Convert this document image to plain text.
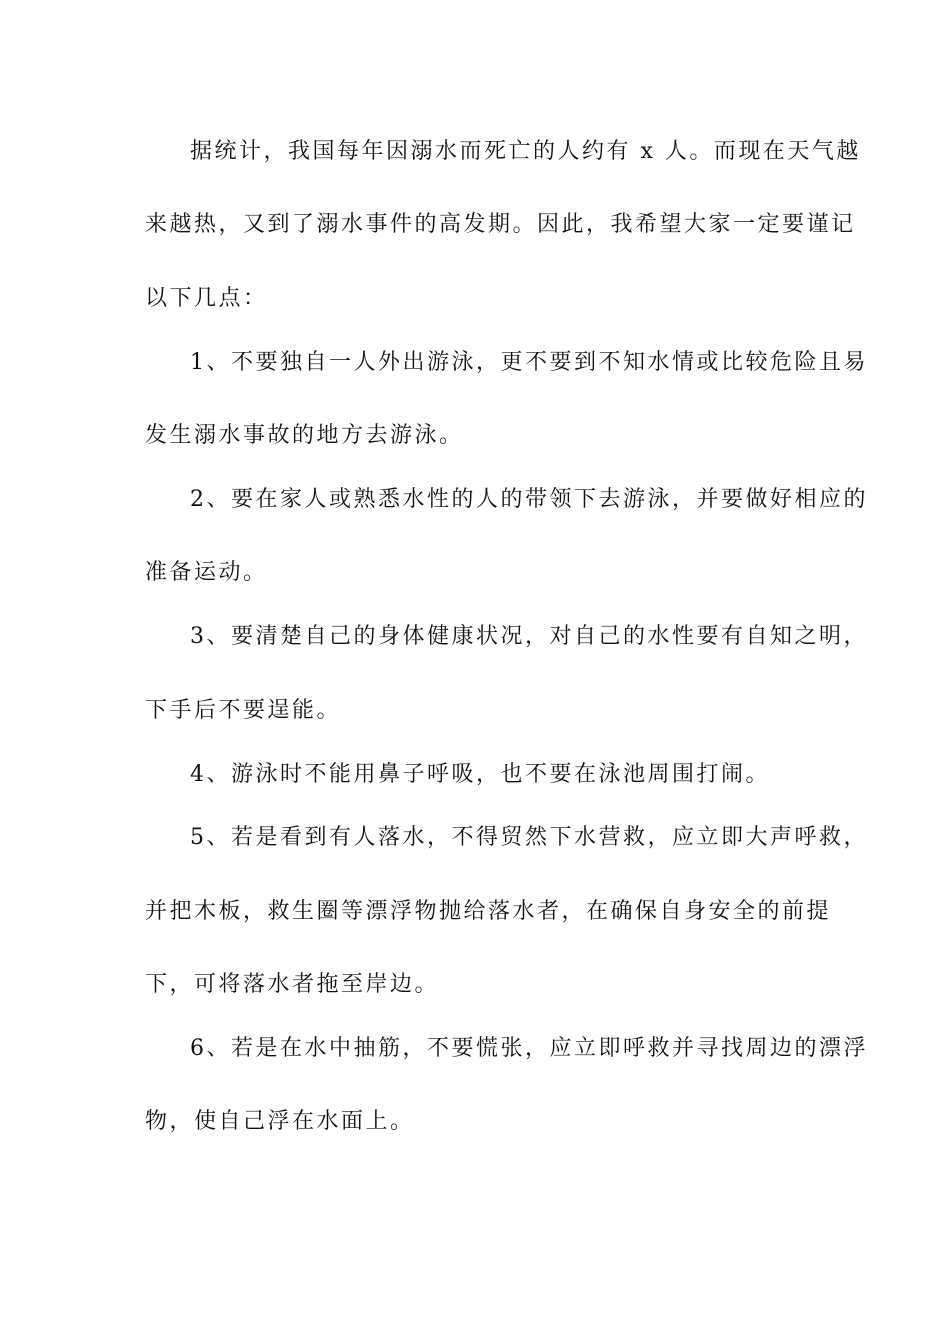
据统计，我国每年因溺水而死亡的人约有 x 人。而现在天气越

来越热，又到了溺水事件的高发期。因此，我希望大家一定要谨记

以下几点：

1、不要独自一人外出游泳，更不要到不知水情或比较危险且易

发生溺水事故的地方去游泳。

2、要在家人或熟悉水性的人的带领下去游泳，并要做好相应的

准备运动。

3、要清楚自己的身体健康状况，对自己的水性要有自知之明，

下手后不要逞能。

4、游泳时不能用鼻子呼吸，也不要在泳池周围打闹。

5、若是看到有人落水，不得贸然下水营救，应立即大声呼救，

并把木板，救生圈等漂浮物抛给落水者，在确保自身安全的前提

下，可将落水者拖至岸边。

6、若是在水中抽筋，不要慌张，应立即呼救并寻找周边的漂浮

物，使自己浮在水面上。
